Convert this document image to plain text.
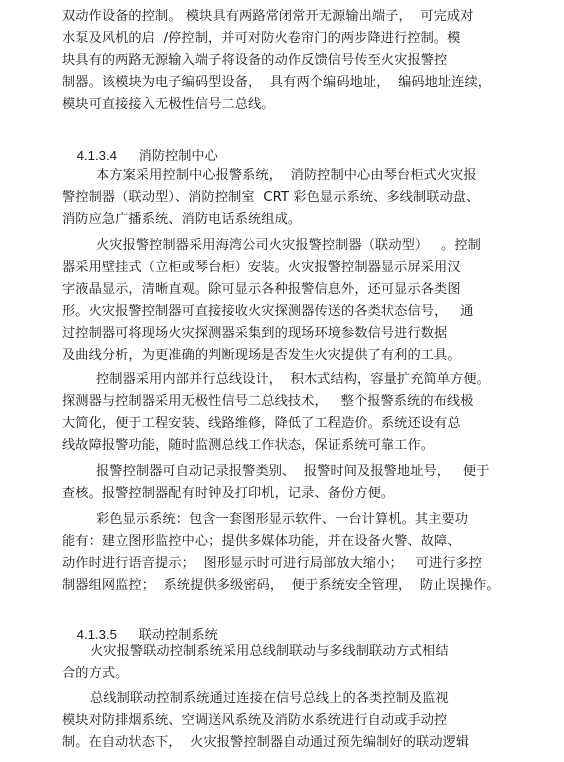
双动作设备的控制。 模块具有两路常闭常开无源输出端子，  可完成对
水泵及风机的启  /停控制，并可对防火卷帘门的两步降进行控制。模
块具有的两路无源输入端子将设备的动作反馈信号传至火灾报警控
制器。该模块为电子编码型设备，  具有两个编码地址，  编码地址连续，
模块可直接接入无极性信号二总线。

4.1.3.4 消防控制中心

本方案采用控制中心报警系统，  消防控制中心由琴台柜式火灾报
警控制器（联动型）、消防控制室  CRT 彩色显示系统、多线制联动盘、
消防应急广播系统、消防电话系统组成。
火灾报警控制器采用海湾公司火灾报警控制器（联动型）   。控制
器采用壁挂式（立柜或琴台柜）安装。火灾报警控制器显示屏采用汉
字液晶显示，清晰直观。除可显示各种报警信息外，还可显示各类图
形。火灾报警控制器可直接接收火灾探测器传送的各类状态信号，   通
过控制器可将现场火灾探测器采集到的现场环境参数信号进行数据
及曲线分析，为更准确的判断现场是否发生火灾提供了有利的工具。
控制器采用内部并行总线设计，  积木式结构，容量扩充简单方便。
探测器与控制器采用无极性信号二总线技术，   整个报警系统的布线极
大简化，便于工程安装、线路维修，降低了工程造价。系统还设有总
线故障报警功能，随时监测总线工作状态，保证系统可靠工作。
报警控制器可自动记录报警类别、  报警时间及报警地址号，   便于
查核。报警控制器配有时钟及打印机，记录、备份方便。
彩色显示系统：包含一套图形显示软件、一台计算机。其主要功
能有：建立图形监控中心；提供多媒体功能，并在设备火警、故障、
动作时进行语音提示；  图形显示时可进行局部放大缩小；   可进行多控
制器组网监控；  系统提供多级密码，  便于系统安全管理，  防止误操作。

4.1.3.5 联动控制系统

火灾报警联动控制系统采用总线制联动与多线制联动方式相结
合的方式。
总线制联动控制系统通过连接在信号总线上的各类控制及监视
模块对防排烟系统、空调送风系统及消防水系统进行自动或手动控
制。在自动状态下，  火灾报警控制器自动通过预先编制好的联动逻辑
